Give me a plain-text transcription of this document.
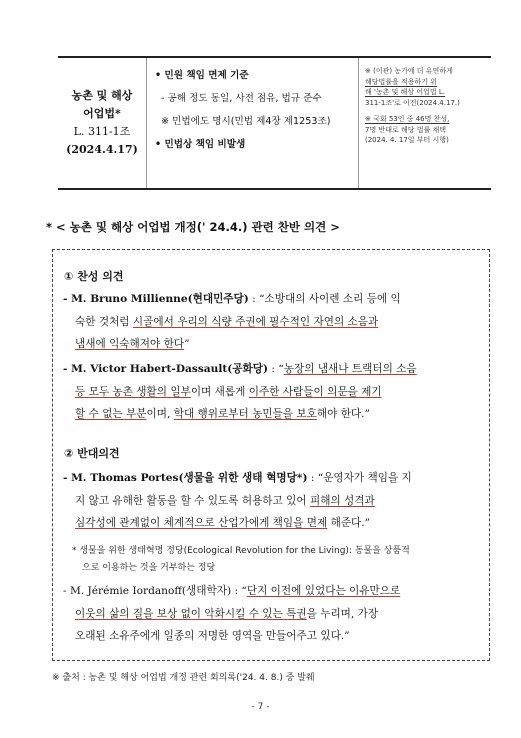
농촌 및 해상
어업법*
L. 311-1조
(2024.4.17)
• 민원 책임 면제 기준
- 공해 정도 동일, 사전 점유, 법규 준수
※ 민법에도 명시(민법 제4장 제1253조)
• 민법상 책임 비발생
※ (이관) 농가에 더 유연하게
해당법률을 적용하기 위
해 '농촌 및 해상 어업법 L.
311-1조'로 이전(2024.4.17.)
※ 국회 53인 중 46명 찬성,
7명 반대로 해당 법률 채택
(2024. 4. 17일 부터 시행)
* < 농촌 및 해상 어업법 개정(' 24.4.) 관련 찬반 의견 >
① 찬성 의견
- M. Bruno Millienne(현대민주당) : “소방대의 사이렌 소리 등에 익
숙한 것처럼 시골에서 우리의 식량 주권에 필수적인 자연의 소음과
냄새에 익숙해져야 한다”
- M. Victor Habert-Dassault(공화당) : “농장의 냄새나 트랙터의 소음
등 모두 농촌 생활의 일부이며 새롭게 이주한 사람들이 의문을 제기
할 수 없는 부분이며, 학대 행위로부터 농민들을 보호해야 한다.”
② 반대의견
- M. Thomas Portes(생물을 위한 생태 혁명당*) : “운영자가 책임을 지
지 않고 유해한 활동을 할 수 있도록 허용하고 있어 피해의 성격과
심각성에 관계없이 체계적으로 산업가에게 책임을 면제 해준다.”
* 생물을 위한 생태혁명 정당(Ecological Revolution for the Living): 동물을 상품적
으로 이용하는 것을 거부하는 정당
- M. Jérémie Iordanoff(생태학자) : “단지 이전에 있었다는 이유만으로
이웃의 삶의 질을 보상 없이 악화시킬 수 있는 특권을 누리며, 가장
오래된 소유주에게 일종의 저명한 영역을 만들어주고 있다.”
※ 출처 : 농촌 및 해상 어업법 개정 관련 회의록('24. 4. 8.) 중 발췌
- 7 -
